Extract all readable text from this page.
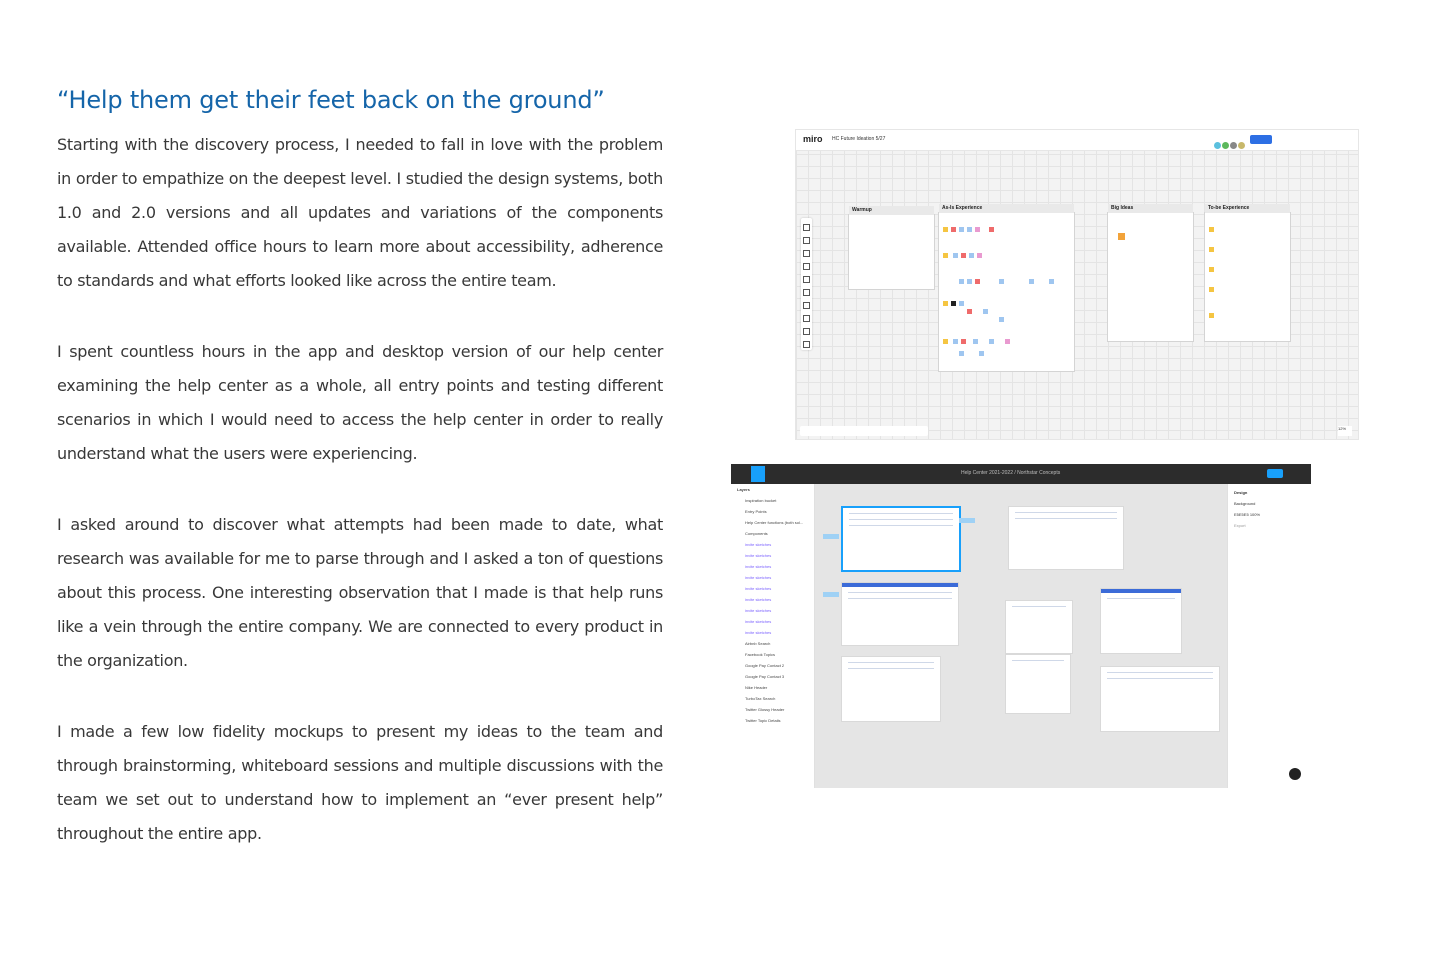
“Help them get their feet back on the ground”

Starting with the discovery process, I needed to fall in love with the problem in order to empathize on the deepest level. I studied the design systems, both 1.0 and 2.0 versions and all updates and variations of the components available. Attended office hours to learn more about accessibility, adherence to standards and what efforts looked like across the entire team.

I spent countless hours in the app and desktop version of our help center examining the help center as a whole, all entry points and testing different scenarios in which I would need to access the help center in order to really understand what the users were experiencing.

I asked around to discover what attempts had been made to date, what research was available for me to parse through and I asked a ton of questions about this process. One interesting observation that I made is that help runs like a vein through the entire company. We are connected to every product in the organization.

I made a few low fidelity mockups to present my ideas to the team and through brainstorming, whiteboard sessions and multiple discussions with the team we set out to understand how to implement an “ever present help” throughout the entire app.

miro HC Future Ideation 5/27
Warmup	As-Is Experience	Big Ideas	To-be Experience
12%
Help Center 2021-2022 / Northstar Concepts
Layers
Inspiration bucket
Entry Points
Help Center functions (both sol...
Components
invite sketches
invite sketches
invite sketches
invite sketches
invite sketches
invite sketches
invite sketches
invite sketches
invite sketches
Airbnb Search
Facebook Topics
Google Pay Contact 2
Google Pay Contact 3
Nike Header
TurboTax Search
Twitter Glossy Header
Twitter Topic Details
Design
Background
E5E5E5 100%
Export
